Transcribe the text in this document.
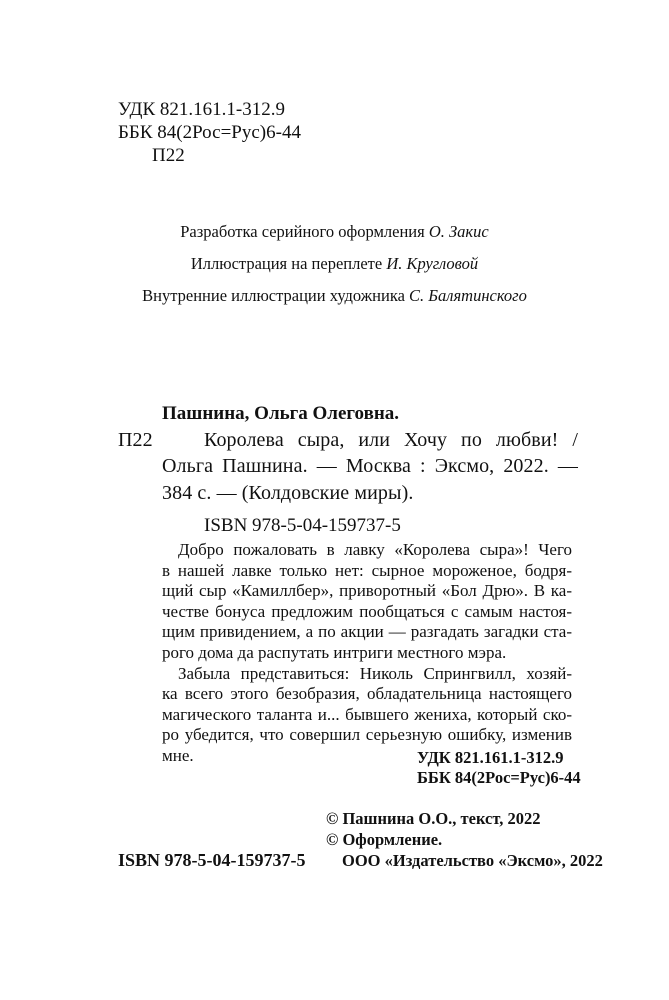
УДК 821.161.1-312.9
ББК 84(2Рос=Рус)6-44
П22
Разработка серийного оформления О. Закис
Иллюстрация на переплете И. Кругловой
Внутренние иллюстрации художника С. Балятинского
Пашнина, Ольга Олеговна.
П22	Королева сыра, или Хочу по любви! /
Ольга Пашнина. — Москва : Эксмо, 2022. —
384 с. — (Колдовские миры).
ISBN 978-5-04-159737-5
Добро пожаловать в лавку «Королева сыра»! Чего
в нашей лавке только нет: сырное мороженое, бодря-
щий сыр «Камиллбер», приворотный «Бол Дрю». В ка-
честве бонуса предложим пообщаться с самым настоя-
щим привидением, а по акции — разгадать загадки ста-
рого дома да распутать интриги местного мэра.
Забыла представиться: Николь Спрингвилл, хозяй-
ка всего этого безобразия, обладательница настоящего
магического таланта и... бывшего жениха, который ско-
ро убедится, что совершил серьезную ошибку, изменив
мне.	УДК 821.161.1-312.9
ББК 84(2Рос=Рус)6-44
© Пашнина О.О., текст, 2022
© Оформление.
ООО «Издательство «Эксмо», 2022
ISBN 978-5-04-159737-5
